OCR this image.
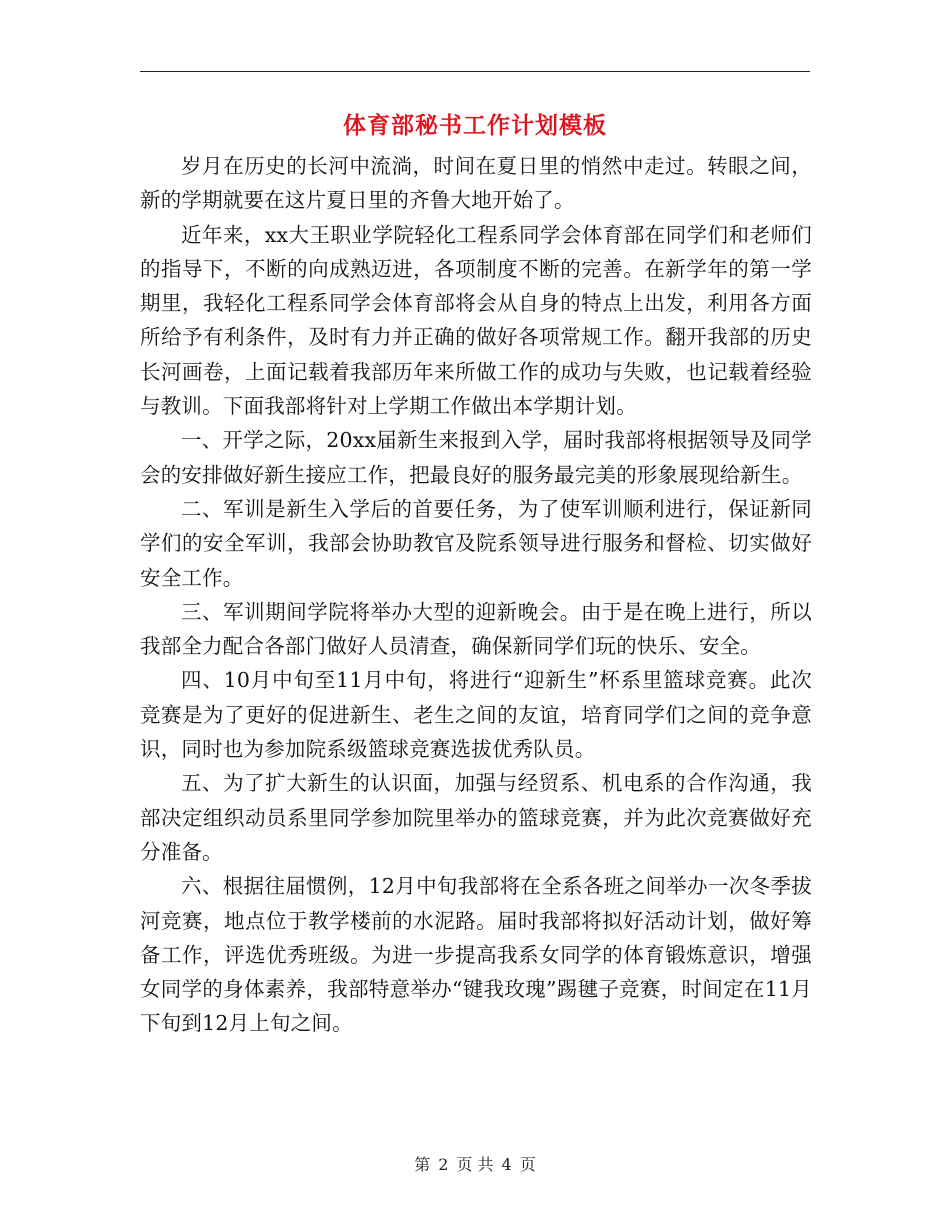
体育部秘书工作计划模板

岁月在历史的长河中流淌，时间在夏日里的悄然中走过。转眼之间，新的学期就要在这片夏日里的齐鲁大地开始了。

近年来，xx大王职业学院轻化工程系同学会体育部在同学们和老师们的指导下，不断的向成熟迈进，各项制度不断的完善。在新学年的第一学期里，我轻化工程系同学会体育部将会从自身的特点上出发，利用各方面所给予有利条件，及时有力并正确的做好各项常规工作。翻开我部的历史长河画卷，上面记载着我部历年来所做工作的成功与失败，也记载着经验与教训。下面我部将针对上学期工作做出本学期计划。

一、开学之际，20xx届新生来报到入学，届时我部将根据领导及同学会的安排做好新生接应工作，把最良好的服务最完美的形象展现给新生。

二、军训是新生入学后的首要任务，为了使军训顺利进行，保证新同学们的安全军训，我部会协助教官及院系领导进行服务和督检、切实做好安全工作。

三、军训期间学院将举办大型的迎新晚会。由于是在晚上进行，所以我部全力配合各部门做好人员清查，确保新同学们玩的快乐、安全。

四、10月中旬至11月中旬，将进行“迎新生”杯系里篮球竞赛。此次竞赛是为了更好的促进新生、老生之间的友谊，培育同学们之间的竞争意识，同时也为参加院系级篮球竞赛选拔优秀队员。

五、为了扩大新生的认识面，加强与经贸系、机电系的合作沟通，我部决定组织动员系里同学参加院里举办的篮球竞赛，并为此次竞赛做好充分准备。

六、根据往届惯例，12月中旬我部将在全系各班之间举办一次冬季拔河竞赛，地点位于教学楼前的水泥路。届时我部将拟好活动计划，做好筹备工作，评选优秀班级。为进一步提高我系女同学的体育锻炼意识，增强女同学的身体素养，我部特意举办“键我玫瑰”踢毽子竞赛，时间定在11月下旬到12月上旬之间。

第 2 页 共 4 页
